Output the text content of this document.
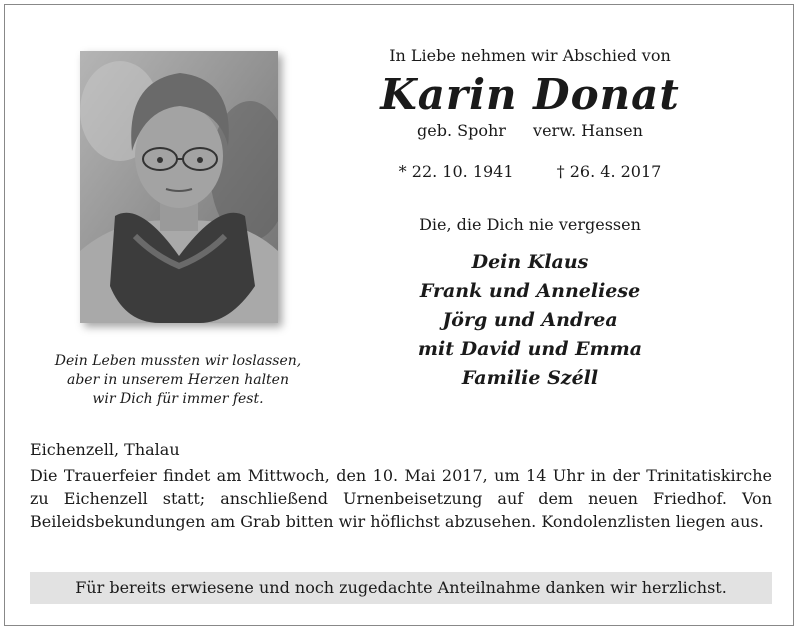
Dein Leben mussten wir loslassen,
aber in unserem Herzen halten
wir Dich für immer fest.
In Liebe nehmen wir Abschied von
Karin Donat
geb. Spohr verw. Hansen
* 22. 10. 1941	† 26. 4. 2017
Die, die Dich nie vergessen
Dein Klaus
Frank und Anneliese
Jörg und Andrea
mit David und Emma
Familie Széll
Eichenzell, Thalau
Die Trauerfeier findet am Mittwoch, den 10. Mai 2017, um 14 Uhr in der Trinitatiskirche zu Eichenzell statt; anschließend Urnenbeisetzung auf dem neuen Friedhof. Von Beileidsbekundungen am Grab bitten wir höflichst abzusehen. Kondolenzlisten liegen aus.
Für bereits erwiesene und noch zugedachte Anteilnahme danken wir herzlichst.
